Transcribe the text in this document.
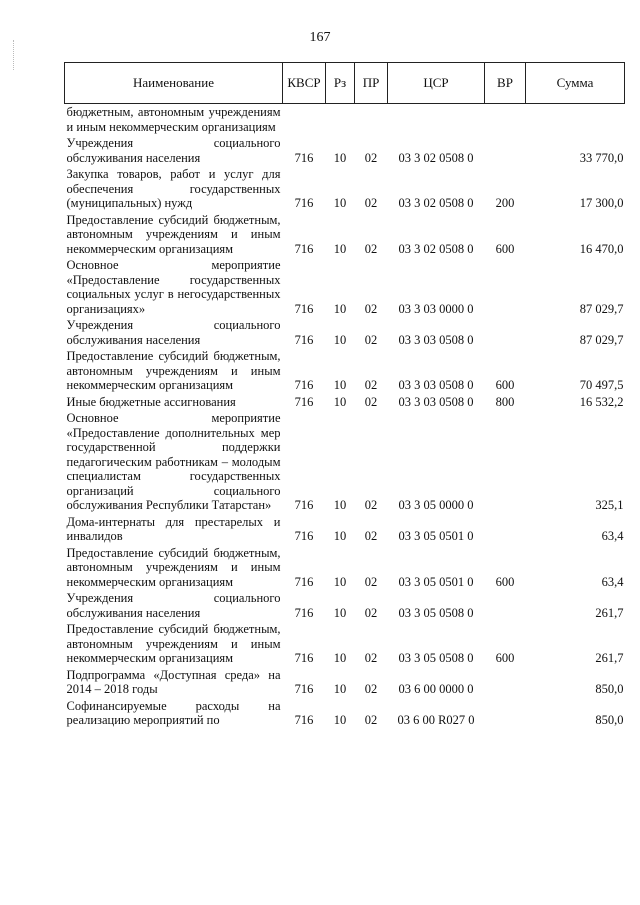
167
Наименование	КВСР	Рз	ПР	ЦСР	ВР	Сумма
бюджетным, автономным учреждениям и иным некоммерческим организациям						
Учреждения социального обслуживания населения	716	10	02	03 3 02 0508 0		33 770,0
Закупка товаров, работ и услуг для обеспечения государственных (муниципальных) нужд	716	10	02	03 3 02 0508 0	200	17 300,0
Предоставление субсидий бюджетным, автономным учреждениям и иным некоммерческим организациям	716	10	02	03 3 02 0508 0	600	16 470,0
Основное мероприятие «Предоставление государственных социальных услуг в негосударственных организациях»	716	10	02	03 3 03 0000 0		87 029,7
Учреждения социального обслуживания населения	716	10	02	03 3 03 0508 0		87 029,7
Предоставление субсидий бюджетным, автономным учреждениям и иным некоммерческим организациям	716	10	02	03 3 03 0508 0	600	70 497,5
Иные бюджетные ассигнования	716	10	02	03 3 03 0508 0	800	16 532,2
Основное мероприятие «Предоставление дополнительных мер государственной поддержки педагогическим работникам – молодым специалистам государственных организаций социального обслуживания Республики Татарстан»	716	10	02	03 3 05 0000 0		325,1
Дома-интернаты для престарелых и инвалидов	716	10	02	03 3 05 0501 0		63,4
Предоставление субсидий бюджетным, автономным учреждениям и иным некоммерческим организациям	716	10	02	03 3 05 0501 0	600	63,4
Учреждения социального обслуживания населения	716	10	02	03 3 05 0508 0		261,7
Предоставление субсидий бюджетным, автономным учреждениям и иным некоммерческим организациям	716	10	02	03 3 05 0508 0	600	261,7
Подпрограмма «Доступная среда» на 2014 – 2018 годы	716	10	02	03 6 00 0000 0		850,0
Софинансируемые расходы на реализацию мероприятий по	716	10	02	03 6 00 R027 0		850,0
